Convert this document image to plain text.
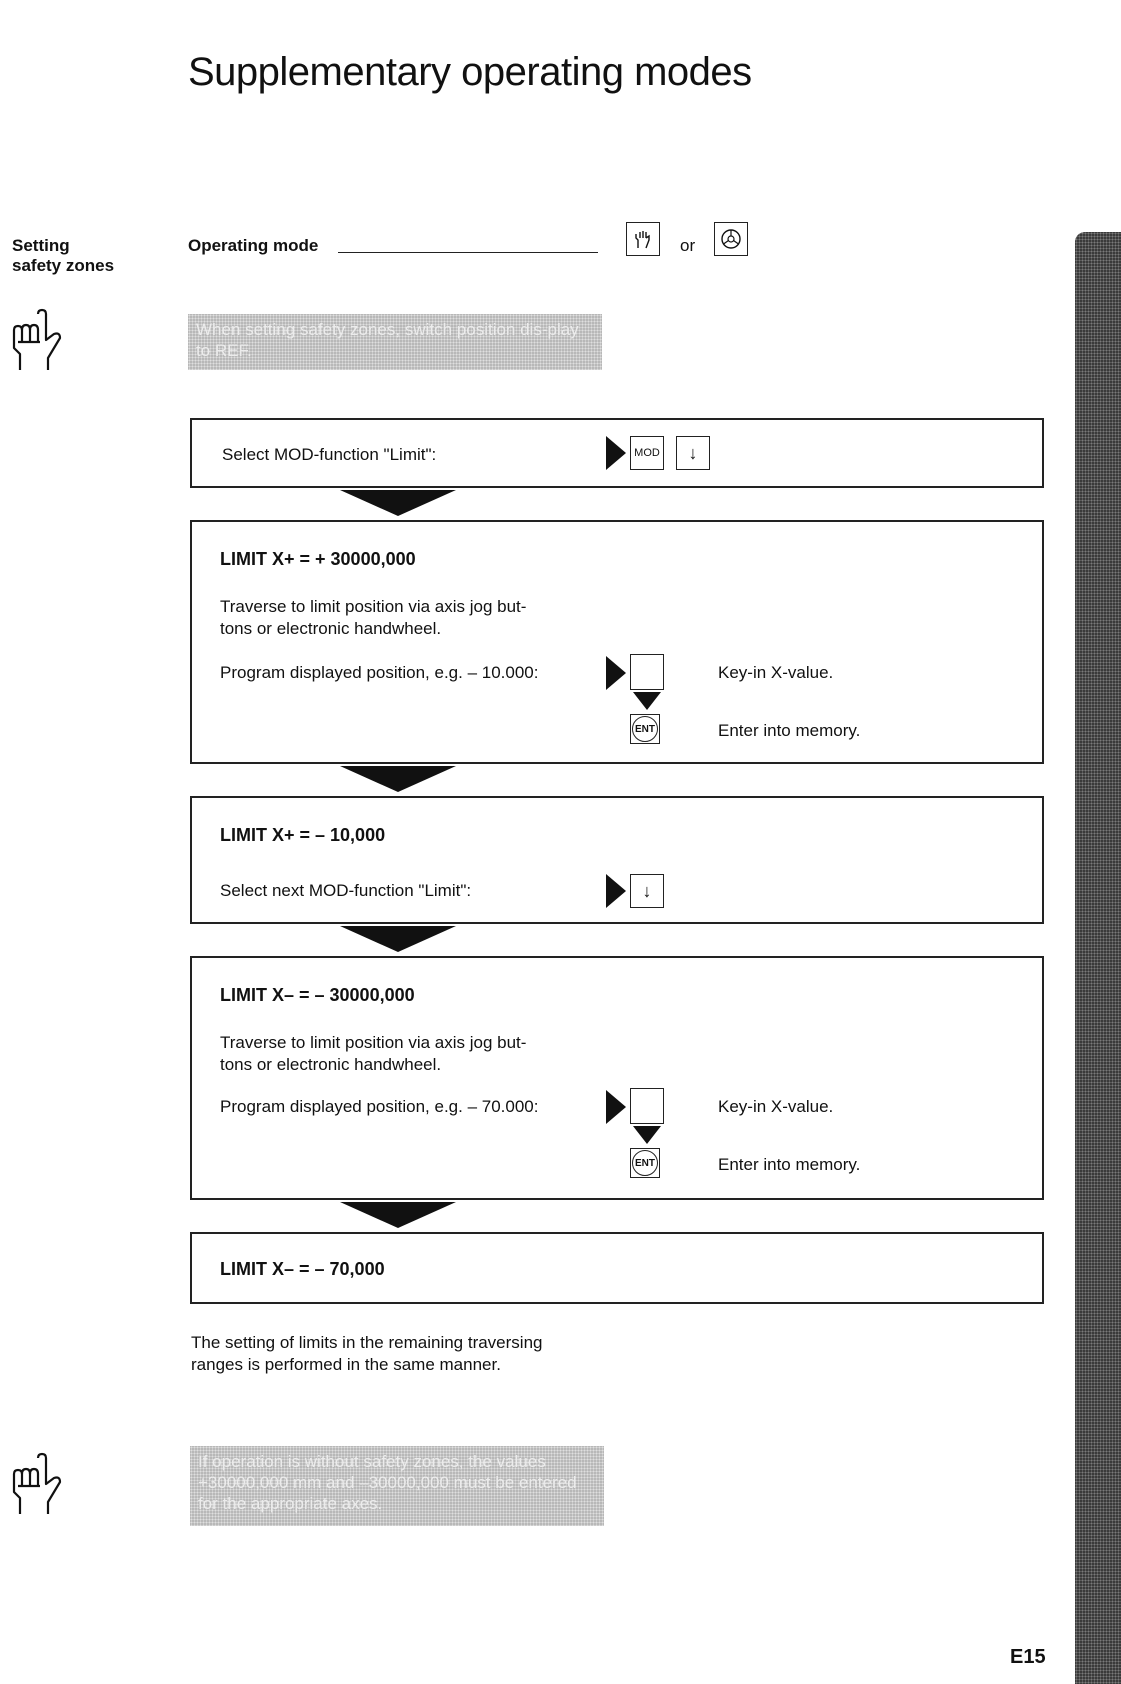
Supplementary operating modes
Setting
safety zones
Operating mode	or
When setting safety zones, switch position dis-play to REF.
Select MOD-function "Limit":	MOD	↓
LIMIT X+ = + 30000,000
Traverse to limit position via axis jog but-
tons or electronic handwheel.
Program displayed position, e.g. – 10.000:	Key-in X-value.
ENT	Enter into memory.
LIMIT X+ = – 10,000
Select next MOD-function "Limit":	↓
LIMIT X– = – 30000,000
Traverse to limit position via axis jog but-
tons or electronic handwheel.
Program displayed position, e.g. – 70.000:	Key-in X-value.
ENT	Enter into memory.
LIMIT X– = – 70,000
The setting of limits in the remaining traversing
ranges is performed in the same manner.
If operation is without safety zones, the values +30000,000 mm and –30000,000 must be entered for the appropriate axes.
E15
